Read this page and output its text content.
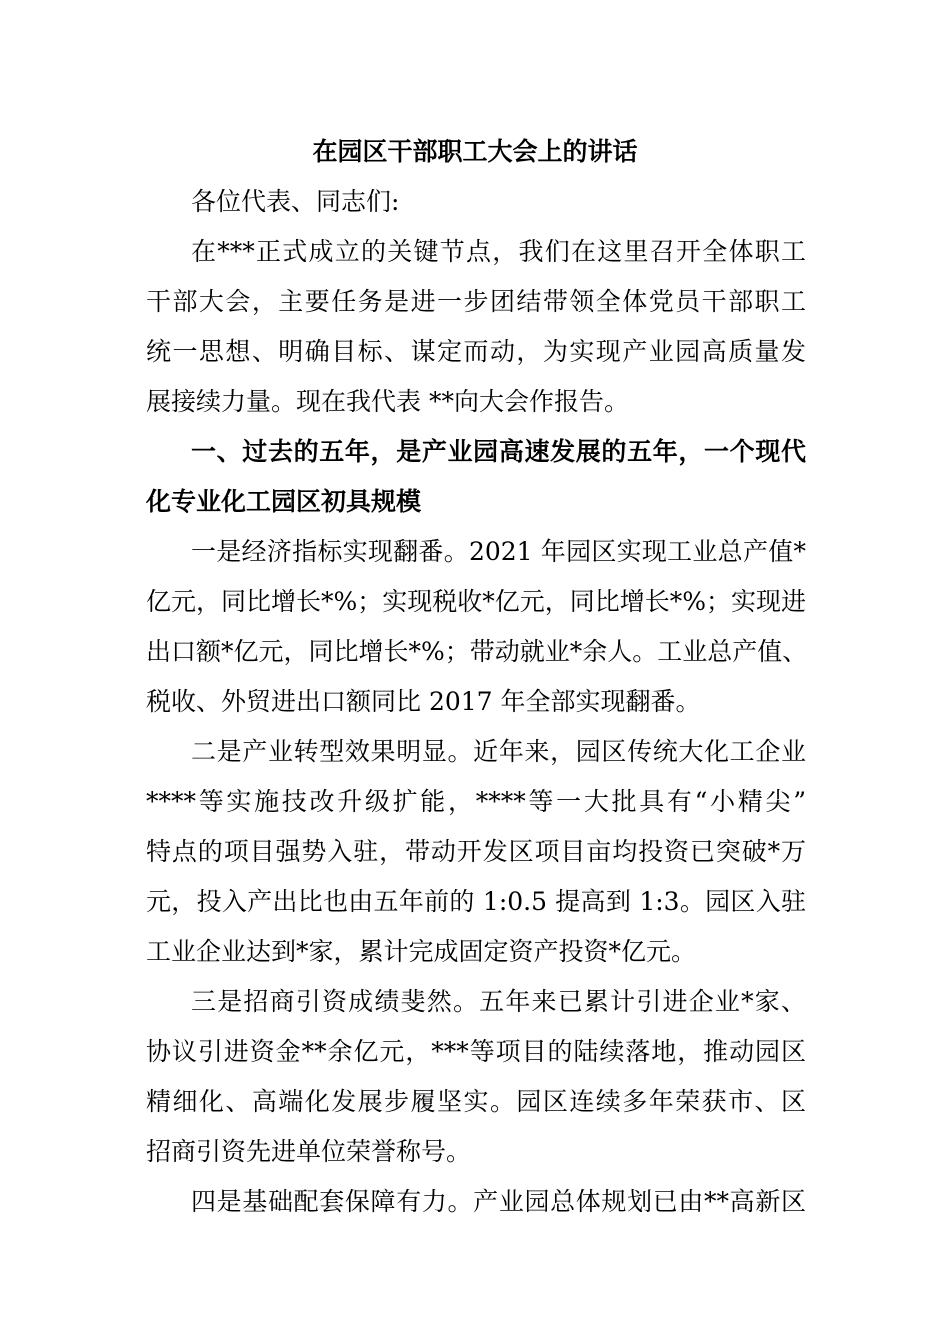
在园区干部职工大会上的讲话
各位代表、同志们:
在***正式成立的关键节点，我们在这里召开全体职工
干部大会，主要任务是进一步团结带领全体党员干部职工
统一思想、明确目标、谋定而动，为实现产业园高质量发
展接续力量。现在我代表 **向大会作报告。
一、过去的五年，是产业园高速发展的五年，一个现代
化专业化工园区初具规模
一是经济指标实现翻番。2021 年园区实现工业总产值*
亿元，同比增长*%；实现税收*亿元，同比增长*%；实现进
出口额*亿元，同比增长*%；带动就业*余人。工业总产值、
税收、外贸进出口额同比 2017 年全部实现翻番。
二是产业转型效果明显。近年来，园区传统大化工企业
****等实施技改升级扩能，****等一大批具有“小精尖”
特点的项目强势入驻，带动开发区项目亩均投资已突破*万
元，投入产出比也由五年前的 1:0.5 提高到 1:3。园区入驻
工业企业达到*家，累计完成固定资产投资*亿元。
三是招商引资成绩斐然。五年来已累计引进企业*家、
协议引进资金**余亿元，***等项目的陆续落地，推动园区
精细化、高端化发展步履坚实。园区连续多年荣获市、区
招商引资先进单位荣誉称号。
四是基础配套保障有力。产业园总体规划已由**高新区
